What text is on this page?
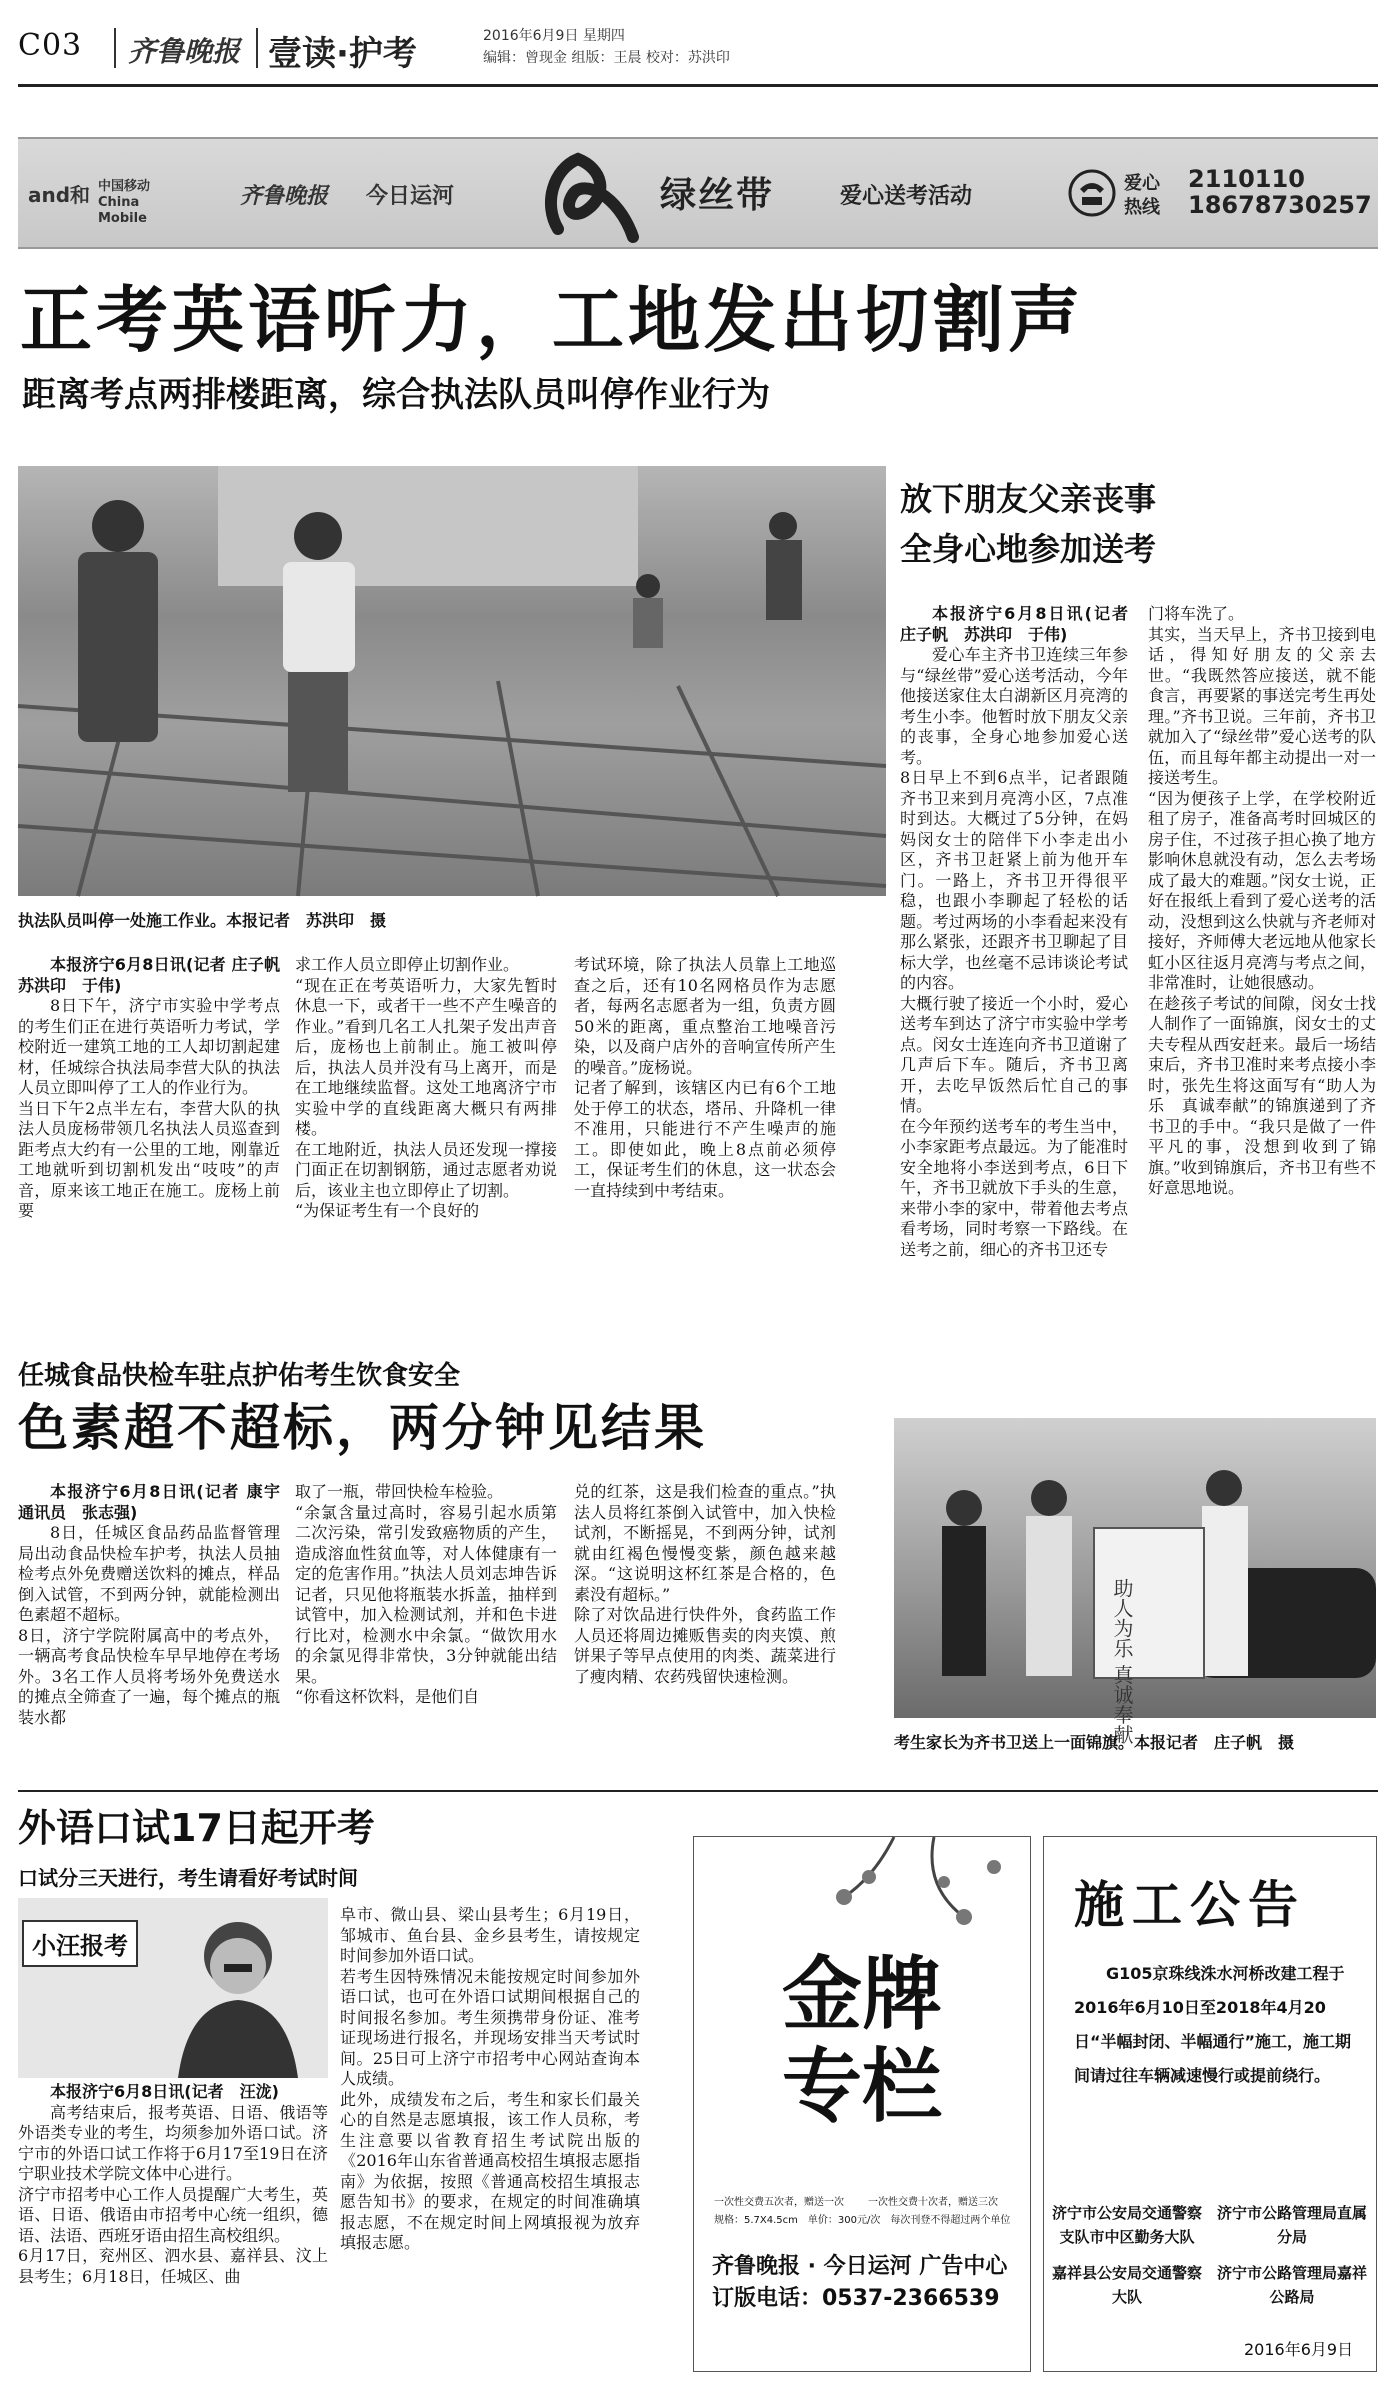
C03 齐鲁晚报 壹读·护考	2016年6月9日 星期四
编辑：曾现金 组版：王晨 校对：苏洪印
and和 中国移动 China Mobile
齐鲁晚报 今日运河	绿丝带	爱心送考活动
爱心
热线
2110110
18678730257
正考英语听力，工地发出切割声
距离考点两排楼距离，综合执法队员叫停作业行为
执法队员叫停一处施工作业。本报记者　苏洪印　摄

本报济宁6月8日讯(记者 庄子帆　苏洪印　于伟)

8日下午，济宁市实验中学考点的考生们正在进行英语听力考试，学校附近一建筑工地的工人却切割起建材，任城综合执法局李营大队的执法人员立即叫停了工人的作业行为。
当日下午2点半左右，李营大队的执法人员庞杨带领几名执法人员巡查到距考点大约有一公里的工地，刚靠近工地就听到切割机发出“吱吱”的声音，原来该工地正在施工。庞杨上前要
求工作人员立即停止切割作业。
“现在正在考英语听力，大家先暂时休息一下，或者干一些不产生噪音的作业。”看到几名工人扎架子发出声音后，庞杨也上前制止。施工被叫停后，执法人员并没有马上离开，而是在工地继续监督。这处工地离济宁市实验中学的直线距离大概只有两排楼。
在工地附近，执法人员还发现一撑接门面正在切割钢筋，通过志愿者劝说后，该业主也立即停止了切割。
“为保证考生有一个良好的
考试环境，除了执法人员靠上工地巡查之后，还有10名网格员作为志愿者，每两名志愿者为一组，负责方圆50米的距离，重点整治工地噪音污染，以及商户店外的音响宣传所产生的噪音。”庞杨说。
记者了解到，该辖区内已有6个工地处于停工的状态，塔吊、升降机一律不准用，只能进行不产生噪声的施工。即使如此，晚上8点前必须停工，保证考生们的休息，这一状态会一直持续到中考结束。
放下朋友父亲丧事
全身心地参加送考

本报济宁6月8日讯(记者　庄子帆　苏洪印　于伟)

爱心车主齐书卫连续三年参与“绿丝带”爱心送考活动，今年他接送家住太白湖新区月亮湾的考生小李。他暂时放下朋友父亲的丧事，全身心地参加爱心送考。
8日早上不到6点半，记者跟随齐书卫来到月亮湾小区，7点准时到达。大概过了5分钟，在妈妈闵女士的陪伴下小李走出小区，齐书卫赶紧上前为他开车门。一路上，齐书卫开得很平稳，也跟小李聊起了轻松的话题。考过两场的小李看起来没有那么紧张，还跟齐书卫聊起了目标大学，也丝毫不忌讳谈论考试的内容。
大概行驶了接近一个小时，爱心送考车到达了济宁市实验中学考点。闵女士连连向齐书卫道谢了几声后下车。随后，齐书卫离开，去吃早饭然后忙自己的事情。
在今年预约送考车的考生当中，小李家距考点最远。为了能准时安全地将小李送到考点，6日下午，齐书卫就放下手头的生意，来带小李的家中，带着他去考点看考场，同时考察一下路线。在送考之前，细心的齐书卫还专
门将车洗了。
其实，当天早上，齐书卫接到电话，得知好朋友的父亲去世。“我既然答应接送，就不能食言，再要紧的事送完考生再处理。”齐书卫说。三年前，齐书卫就加入了“绿丝带”爱心送考的队伍，而且每年都主动提出一对一接送考生。
“因为便孩子上学，在学校附近租了房子，准备高考时回城区的房子住，不过孩子担心换了地方影响休息就没有动，怎么去考场成了最大的难题。”闵女士说，正好在报纸上看到了爱心送考的活动，没想到这么快就与齐老师对接好，齐师傅大老远地从他家长虹小区往返月亮湾与考点之间，非常准时，让她很感动。
在趁孩子考试的间隙，闵女士找人制作了一面锦旗，闵女士的丈夫专程从西安赶来。最后一场结束后，齐书卫准时来考点接小李时，张先生将这面写有“助人为乐　真诚奉献”的锦旗递到了齐书卫的手中。“我只是做了一件平凡的事，没想到收到了锦旗。”收到锦旗后，齐书卫有些不好意思地说。
助人为乐 真诚奉献
考生家长为齐书卫送上一面锦旗。本报记者　庄子帆　摄
任城食品快检车驻点护佑考生饮食安全
色素超不超标，两分钟见结果

本报济宁6月8日讯(记者 康宇　通讯员　张志强)

8日，任城区食品药品监督管理局出动食品快检车护考，执法人员抽检考点外免费赠送饮料的摊点，样品倒入试管，不到两分钟，就能检测出色素超不超标。
8日，济宁学院附属高中的考点外，一辆高考食品快检车早早地停在考场外。3名工作人员将考场外免费送水的摊点全筛查了一遍，每个摊点的瓶装水都
取了一瓶，带回快检车检验。
“余氯含量过高时，容易引起水质第二次污染，常引发致癌物质的产生，造成溶血性贫血等，对人体健康有一定的危害作用。”执法人员刘志坤告诉记者，只见他将瓶装水拆盖，抽样到试管中，加入检测试剂，并和色卡进行比对，检测水中余氯。“做饮用水的余氯见得非常快，3分钟就能出结果。
“你看这杯饮料，是他们自
兑的红茶，这是我们检查的重点。”执法人员将红茶倒入试管中，加入快检试剂，不断摇晃，不到两分钟，试剂就由红褐色慢慢变紫，颜色越来越深。“这说明这杯红茶是合格的，色素没有超标。”
除了对饮品进行快件外，食药监工作人员还将周边摊贩售卖的肉夹馍、煎饼果子等早点使用的肉类、蔬菜进行了瘦肉精、农药残留快速检测。
外语口试17日起开考
口试分三天进行，考生请看好考试时间
小汪报考

本报济宁6月8日讯(记者　汪泷)

高考结束后，报考英语、日语、俄语等外语类专业的考生，均须参加外语口试。济宁市的外语口试工作将于6月17至19日在济宁职业技术学院文体中心进行。
济宁市招考中心工作人员提醒广大考生，英语、日语、俄语由市招考中心统一组织，德语、法语、西班牙语由招生高校组织。
6月17日，兖州区、泗水县、嘉祥县、汶上县考生；6月18日，任城区、曲
阜市、微山县、梁山县考生；6月19日，邹城市、鱼台县、金乡县考生，请按规定时间参加外语口试。
若考生因特殊情况未能按规定时间参加外语口试，也可在外语口试期间根据自己的时间报名参加。考生须携带身份证、准考证现场进行报名，并现场安排当天考试时间。25日可上济宁市招考中心网站查询本人成绩。
此外，成绩发布之后，考生和家长们最关心的自然是志愿填报，该工作人员称，考生注意要以省教育招生考试院出版的《2016年山东省普通高校招生填报志愿指南》为依据，按照《普通高校招生填报志愿告知书》的要求，在规定的时间准确填报志愿，不在规定时间上网填报视为放弃填报志愿。
金牌
专栏
一次性交费五次者，赠送一次 一次性交费十次者，赠送三次
规格：5.7X4.5cm　单价：300元/次　每次刊登不得超过两个单位
齐鲁晚报 · 今日运河 广告中心
订版电话：0537-2366539
施工公告
G105京珠线洙水河桥改建工程于2016年6月10日至2018年4月20日“半幅封闭、半幅通行”施工，施工期间请过往车辆减速慢行或提前绕行。
济宁市公安局交通警察支队市中区勤务大队
济宁市公路管理局直属分局
嘉祥县公安局交通警察大队
济宁市公路管理局嘉祥公路局
2016年6月9日
